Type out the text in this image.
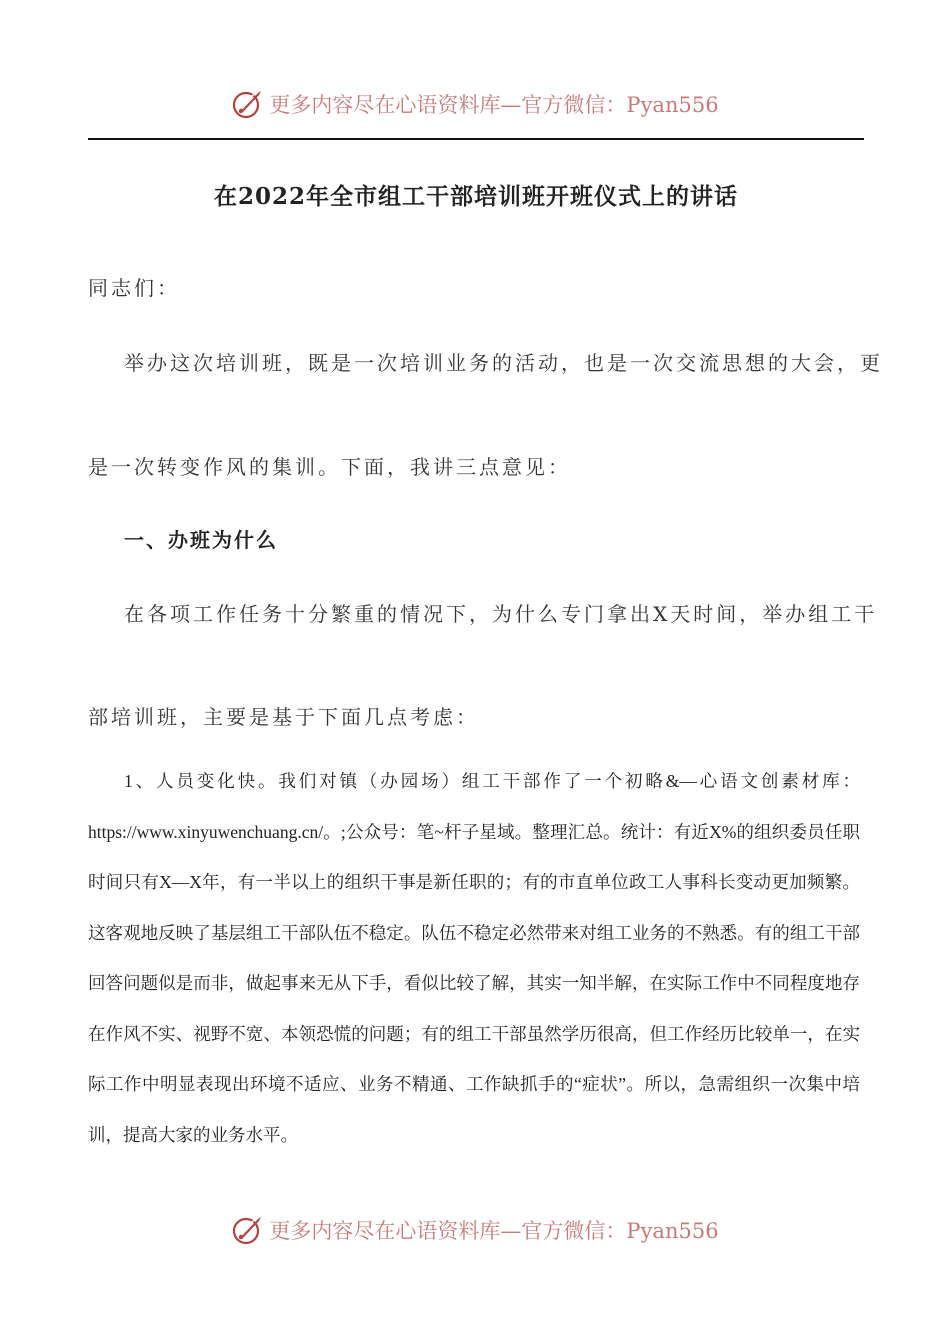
更多内容尽在心语资料库—官方微信：Pyan556
在2022年全市组工干部培训班开班仪式上的讲话
同志们：
举办这次培训班，既是一次培训业务的活动，也是一次交流思想的大会，更
是一次转变作风的集训。下面，我讲三点意见：
一、办班为什么
在各项工作任务十分繁重的情况下，为什么专门拿出X天时间，举办组工干
部培训班，主要是基于下面几点考虑：

1、人员变化快。我们对镇（办园场）组工干部作了一个初略&—心语文创素材库：https://www.xinyuwenchuang.cn/。;公众号：笔~杆子星域。整理汇总。统计：有近X%的组织委员任职时间只有X—X年，有一半以上的组织干事是新任职的；有的市直单位政工人事科长变动更加频繁。这客观地反映了基层组工干部队伍不稳定。队伍不稳定必然带来对组工业务的不熟悉。有的组工干部回答问题似是而非，做起事来无从下手，看似比较了解，其实一知半解，在实际工作中不同程度地存在作风不实、视野不宽、本领恐慌的问题；有的组工干部虽然学历很高，但工作经历比较单一，在实际工作中明显表现出环境不适应、业务不精通、工作缺抓手的“症状”。所以，急需组织一次集中培训，提高大家的业务水平。

更多内容尽在心语资料库—官方微信：Pyan556
